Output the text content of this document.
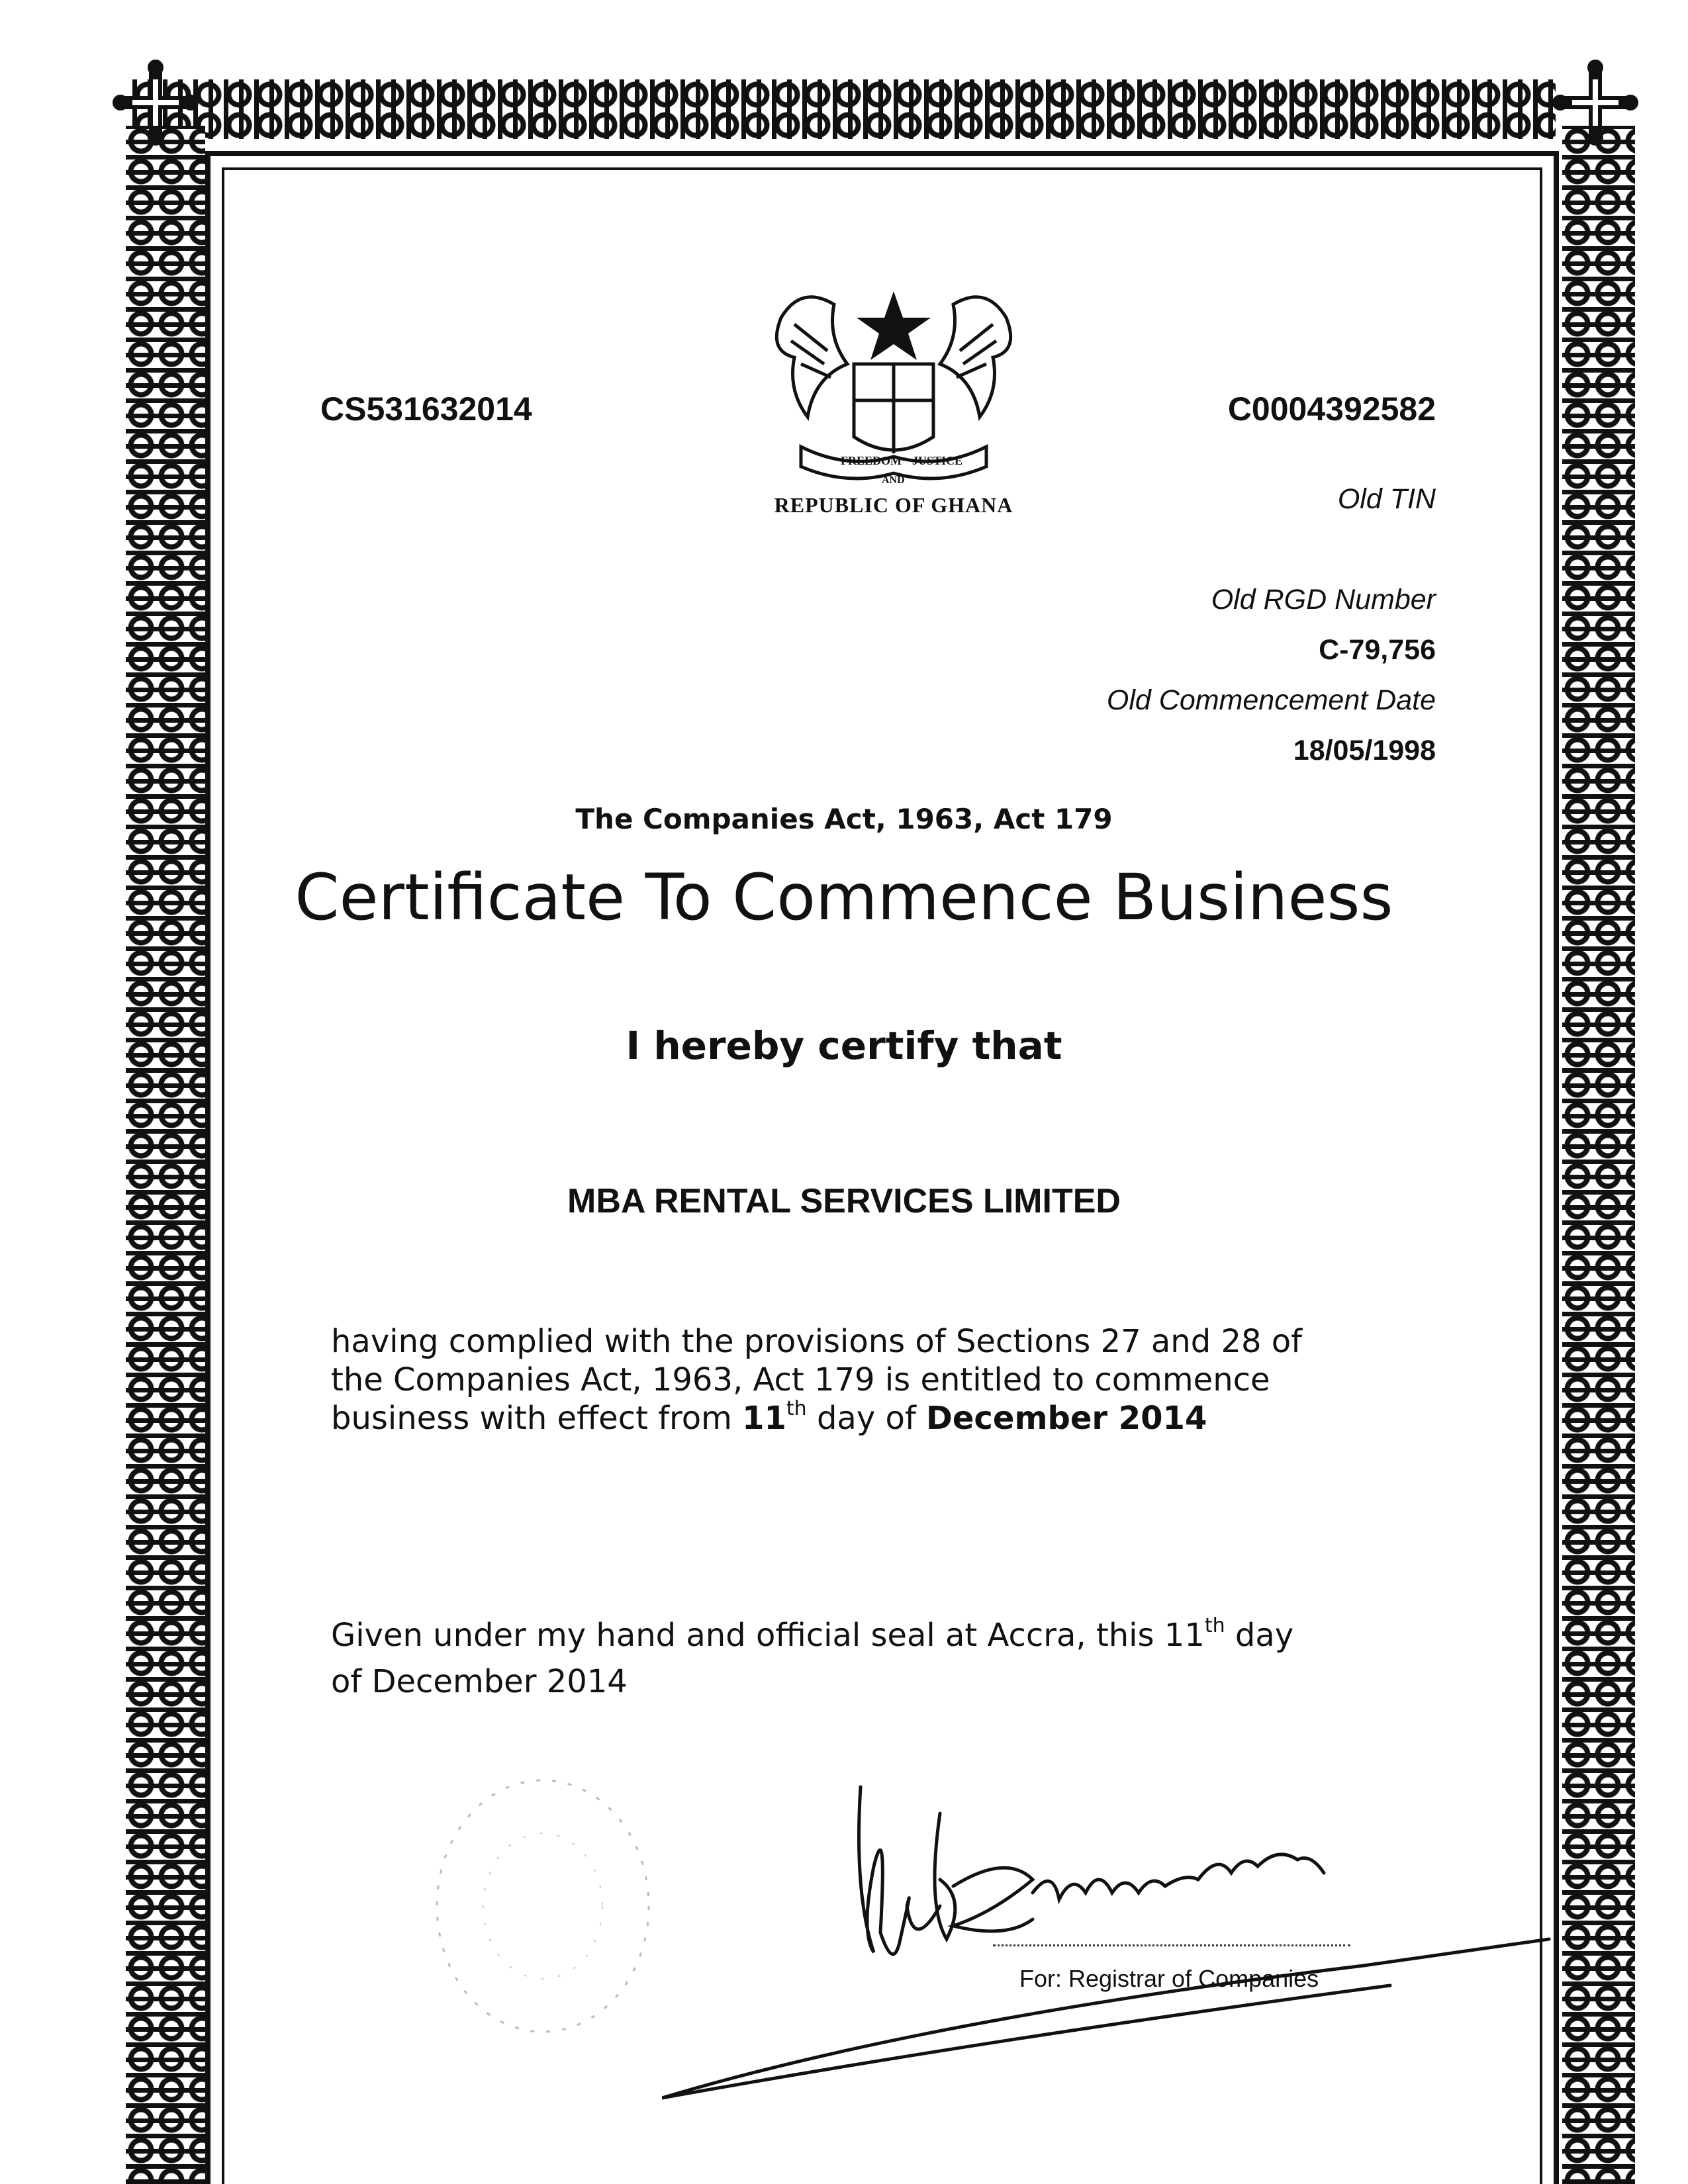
CS531632014	C0004392582
FREEDOM
AND
JUSTICE
REPUBLIC OF GHANA	Old TIN
Old RGD Number
C-79,756
Old Commencement Date
18/05/1998
The Companies Act, 1963, Act 179
Certificate To Commence Business
I hereby certify that
MBA RENTAL SERVICES LIMITED
having complied with the provisions of Sections 27 and 28 of
the Companies Act, 1963, Act 179 is entitled to commence
business with effect from 11th day of December 2014
Given under my hand and official seal at Accra, this 11th day
of December 2014
For: Registrar of Companies
